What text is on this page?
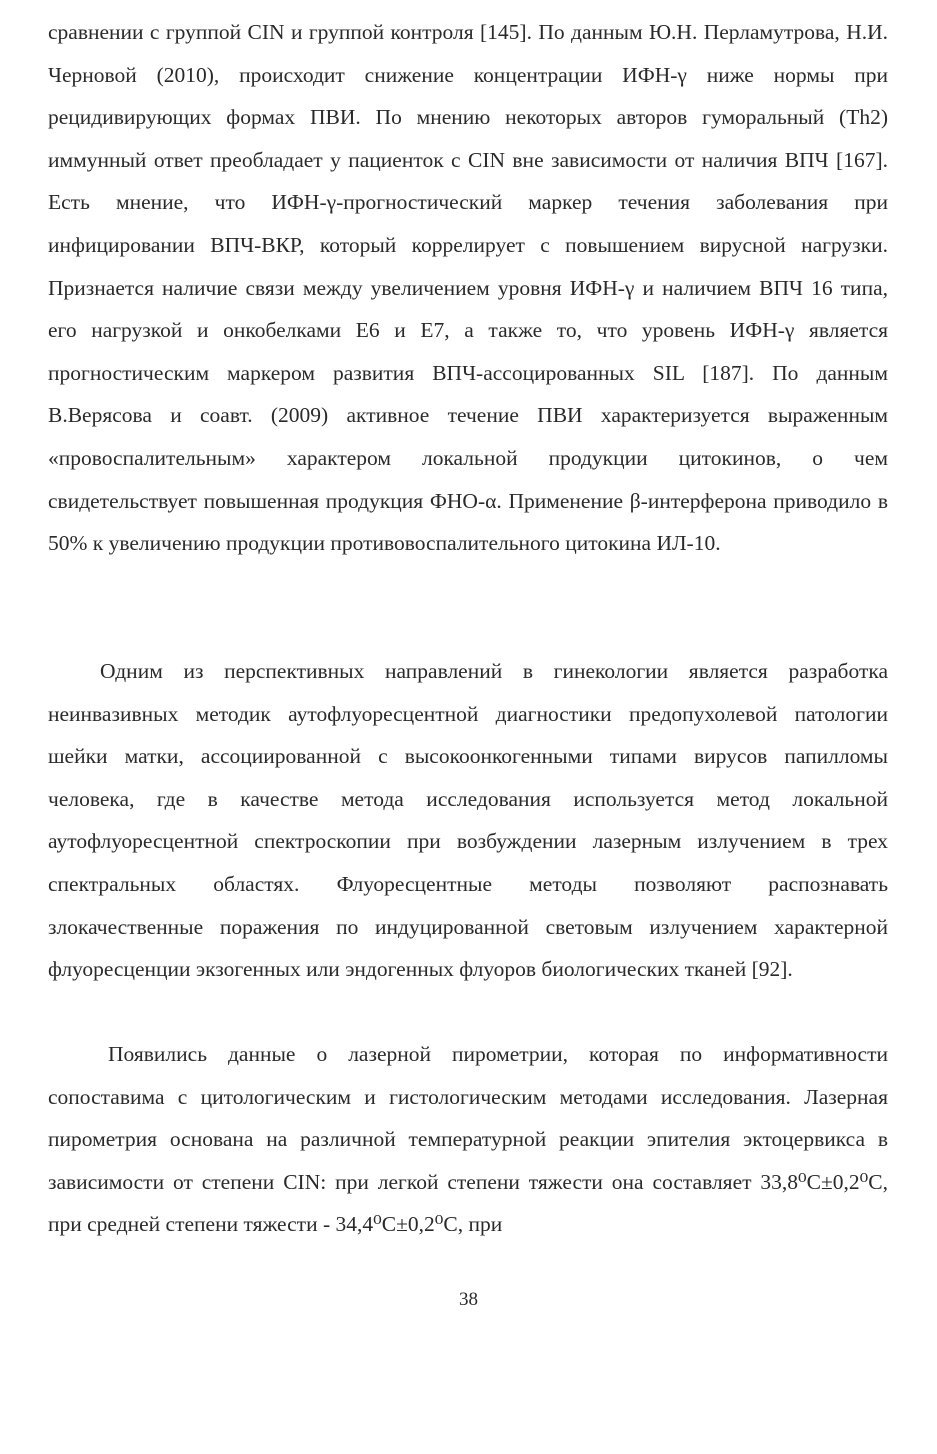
сравнении с группой CIN и группой контроля [145]. По данным Ю.Н. Перламутрова, Н.И. Черновой (2010), происходит снижение концентрации ИФН-γ ниже нормы при рецидивирующих формах ПВИ. По мнению некоторых авторов гуморальный (Th2) иммунный ответ преобладает у пациенток с CIN вне зависимости от наличия ВПЧ [167]. Есть мнение, что ИФН-γ-прогностический маркер течения заболевания при инфицировании ВПЧ-ВКР, который коррелирует с повышением вирусной нагрузки. Признается наличие связи между увеличением уровня ИФН-γ и наличием ВПЧ 16 типа, его нагрузкой и онкобелками Е6 и Е7, а также то, что уровень ИФН-γ является прогностическим маркером развития ВПЧ-ассоцированных SIL [187]. По данным В.Верясова и соавт. (2009) активное течение ПВИ характеризуется выраженным «провоспалительным» характером локальной продукции цитокинов, о чем свидетельствует повышенная продукция ФНО-α. Применение β-интерферона приводило в 50% к увеличению продукции противовоспалительного цитокина ИЛ-10.

Одним из перспективных направлений в гинекологии является разработка неинвазивных методик аутофлуоресцентной диагностики предопухолевой патологии шейки матки, ассоциированной с высокоонкогенными типами вирусов папилломы человека, где в качестве метода исследования используется метод локальной аутофлуоресцентной спектроскопии при возбуждении лазерным излучением в трех спектральных областях. Флуоресцентные методы позволяют распознавать злокачественные поражения по индуцированной световым излучением характерной флуоресценции экзогенных или эндогенных флуоров биологических тканей [92].

Появились данные о лазерной пирометрии, которая по информативности сопоставима с цитологическим и гистологическим методами исследования. Лазерная пирометрия основана на различной температурной реакции эпителия эктоцервикса в зависимости от степени CIN: при легкой степени тяжести она составляет 33,8⁰С±0,2⁰С, при средней степени тяжести - 34,4⁰С±0,2⁰С, при

38
